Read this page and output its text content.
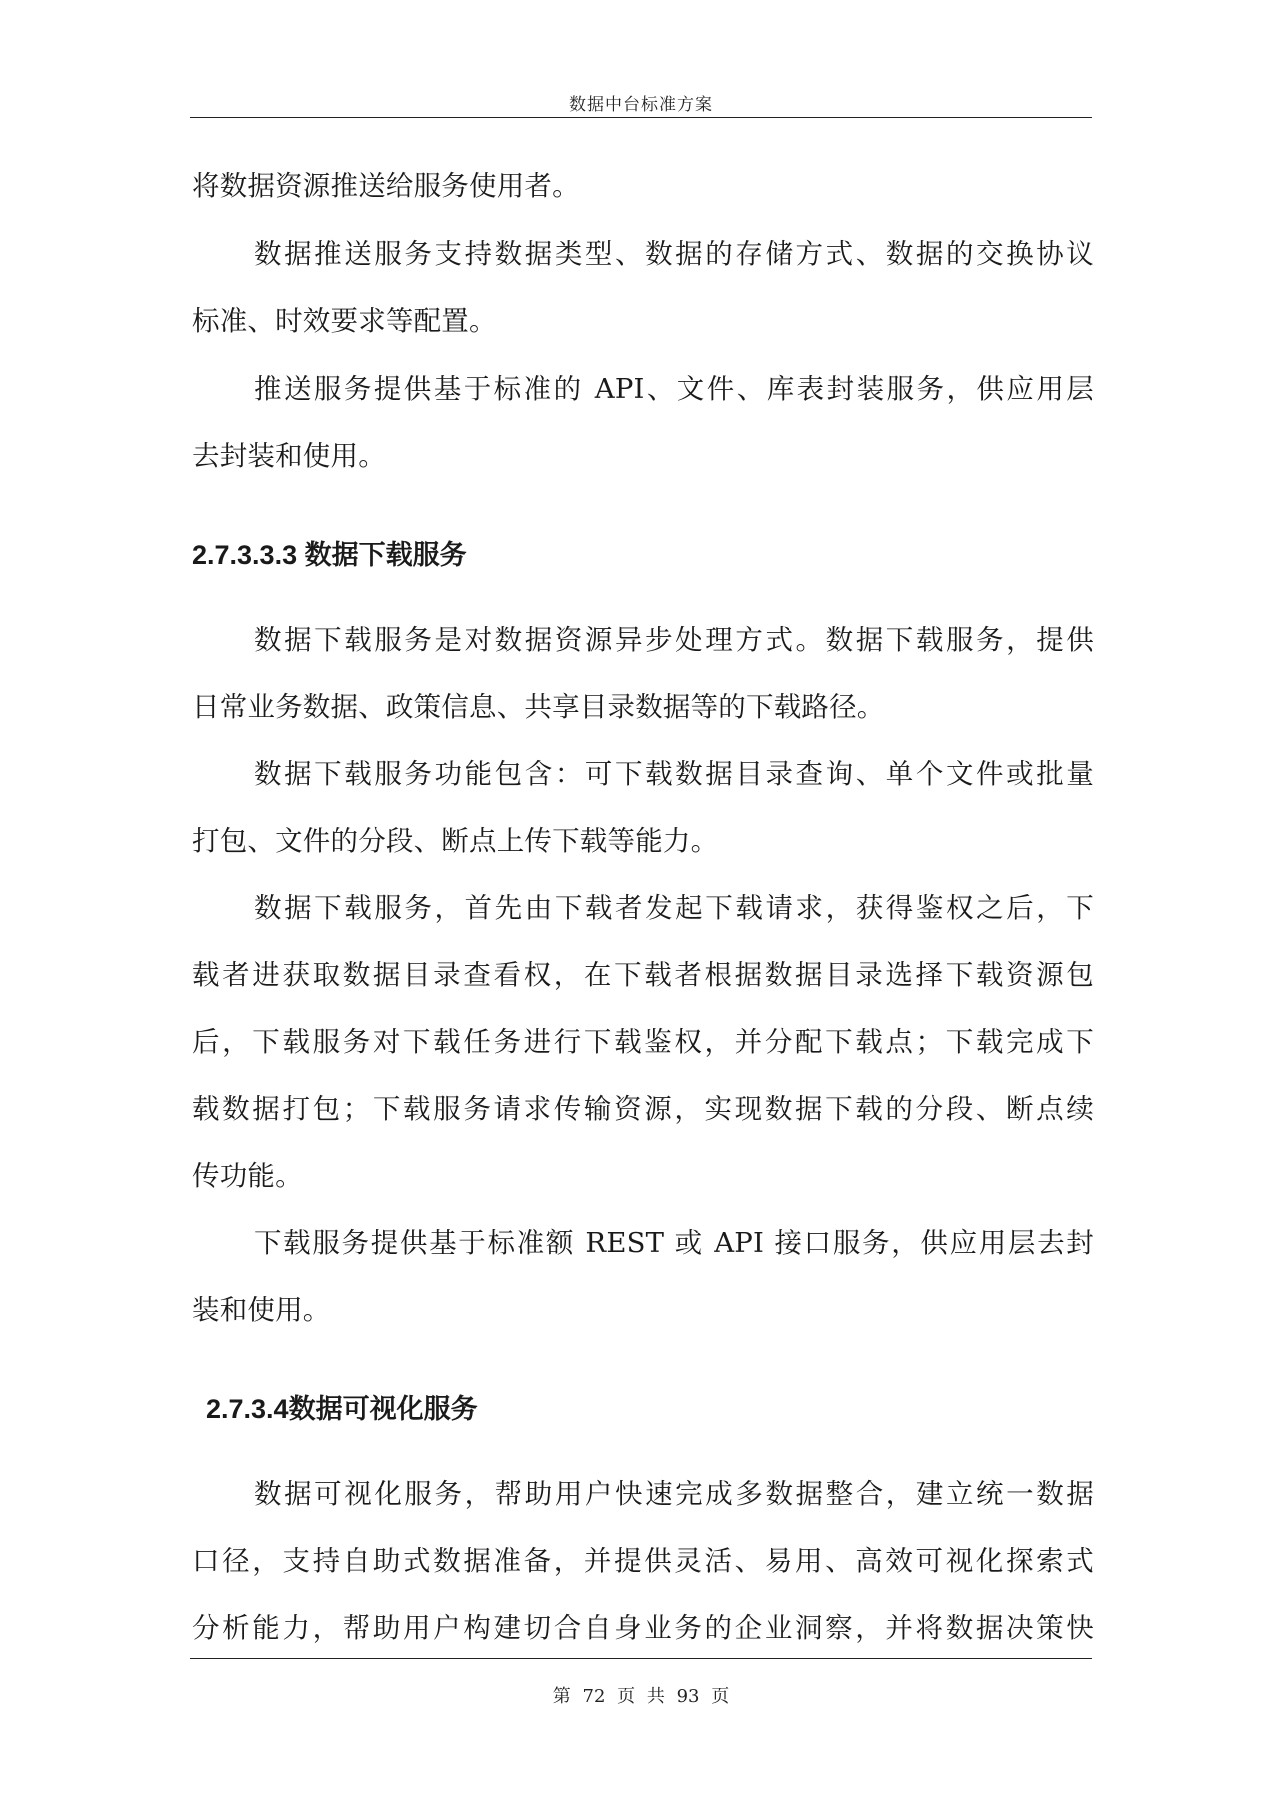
数据中台标准方案
将数据资源推送给服务使用者。
数据推送服务支持数据类型、数据的存储方式、数据的交换协议
标准、时效要求等配置。
推送服务提供基于标准的 API、文件、库表封装服务，供应用层
去封装和使用。
2.7.3.3.3 数据下载服务
数据下载服务是对数据资源异步处理方式。数据下载服务，提供
日常业务数据、政策信息、共享目录数据等的下载路径。
数据下载服务功能包含：可下载数据目录查询、单个文件或批量
打包、文件的分段、断点上传下载等能力。
数据下载服务，首先由下载者发起下载请求，获得鉴权之后，下
载者进获取数据目录查看权，在下载者根据数据目录选择下载资源包
后，下载服务对下载任务进行下载鉴权，并分配下载点；下载完成下
载数据打包；下载服务请求传输资源，实现数据下载的分段、断点续
传功能。
下载服务提供基于标准额 REST 或 API 接口服务，供应用层去封
装和使用。
2.7.3.4数据可视化服务
数据可视化服务，帮助用户快速完成多数据整合，建立统一数据
口径，支持自助式数据准备，并提供灵活、易用、高效可视化探索式
分析能力，帮助用户构建切合自身业务的企业洞察，并将数据决策快
第 72 页 共 93 页
